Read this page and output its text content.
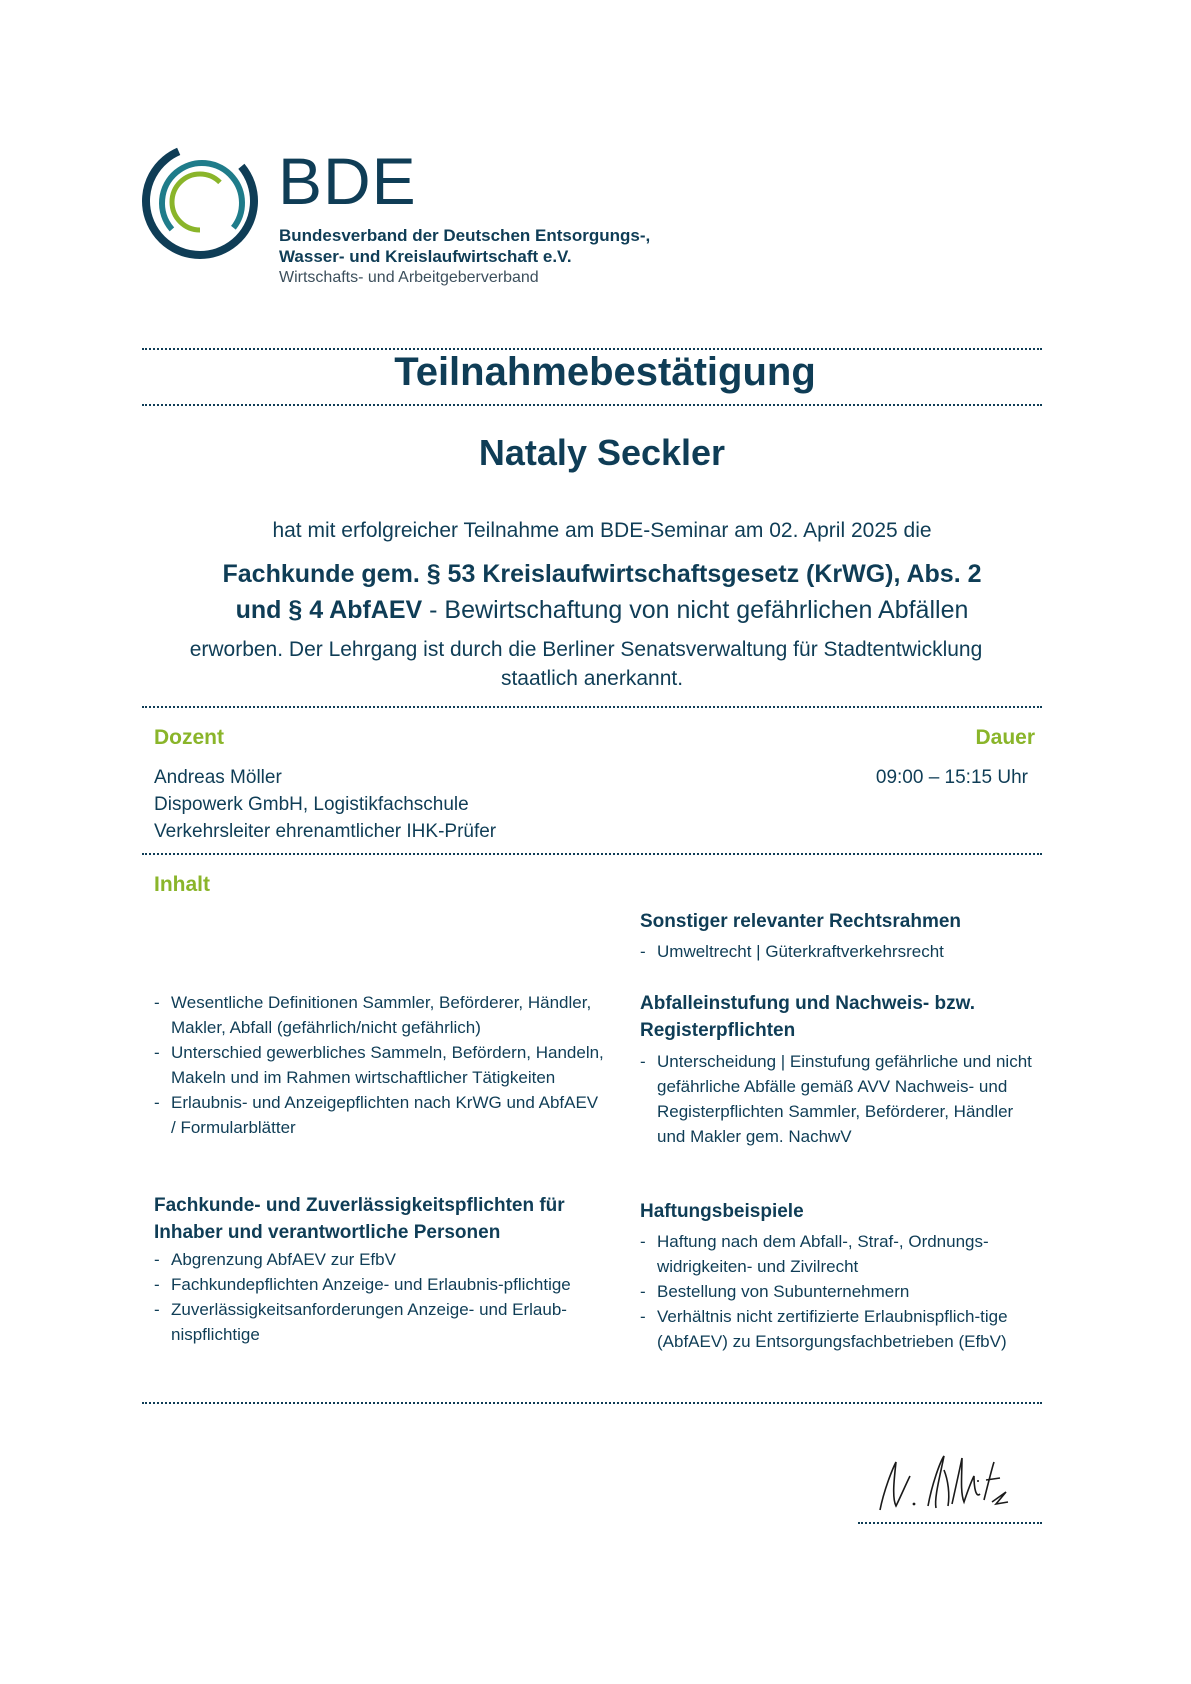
BDE
Bundesverband der Deutschen Entsorgungs-,
Wasser- und Kreislaufwirtschaft e.V.
Wirtschafts- und Arbeitgeberverband
Teilnahmebestätigung
Nataly Seckler
hat mit erfolgreicher Teilnahme am BDE-Seminar am 02. April 2025 die
Fachkunde gem. § 53 Kreislaufwirtschaftsgesetz (KrWG), Abs. 2
und § 4 AbfAEV - Bewirtschaftung von nicht gefährlichen Abfällen
erworben. Der Lehrgang ist durch die Berliner Senatsverwaltung für Stadtentwicklung
staatlich anerkannt.
Dozent
Andreas Möller
Dispowerk GmbH, Logistikfachschule
Verkehrsleiter ehrenamtlicher IHK-Prüfer
Dauer
09:00 – 15:15 Uhr
Inhalt
- Wesentliche Definitionen Sammler, Beförderer, Händler, Makler, Abfall (gefährlich/nicht gefährlich)
- Unterschied gewerbliches Sammeln, Befördern, Handeln, Makeln und im Rahmen wirtschaftlicher Tätigkeiten
- Erlaubnis- und Anzeigepflichten nach KrWG und AbfAEV / Formularblätter
Fachkunde- und Zuverlässigkeitspflichten für Inhaber und verantwortliche Personen
- Abgrenzung AbfAEV zur EfbV
- Fachkundepflichten Anzeige- und Erlaubnis-pflichtige
- Zuverlässigkeitsanforderungen Anzeige- und Erlaub-nispflichtige
Sonstiger relevanter Rechtsrahmen
- Umweltrecht | Güterkraftverkehrsrecht
Abfalleinstufung und Nachweis- bzw. Registerpflichten
- Unterscheidung | Einstufung gefährliche und nicht gefährliche Abfälle gemäß AVV Nachweis- und Registerpflichten Sammler, Beförderer, Händler und Makler gem. NachwV
Haftungsbeispiele
- Haftung nach dem Abfall-, Straf-, Ordnungs-widrigkeiten- und Zivilrecht
- Bestellung von Subunternehmern
- Verhältnis nicht zertifizierte Erlaubnispflich-tige (AbfAEV) zu Entsorgungsfachbetrieben (EfbV)
